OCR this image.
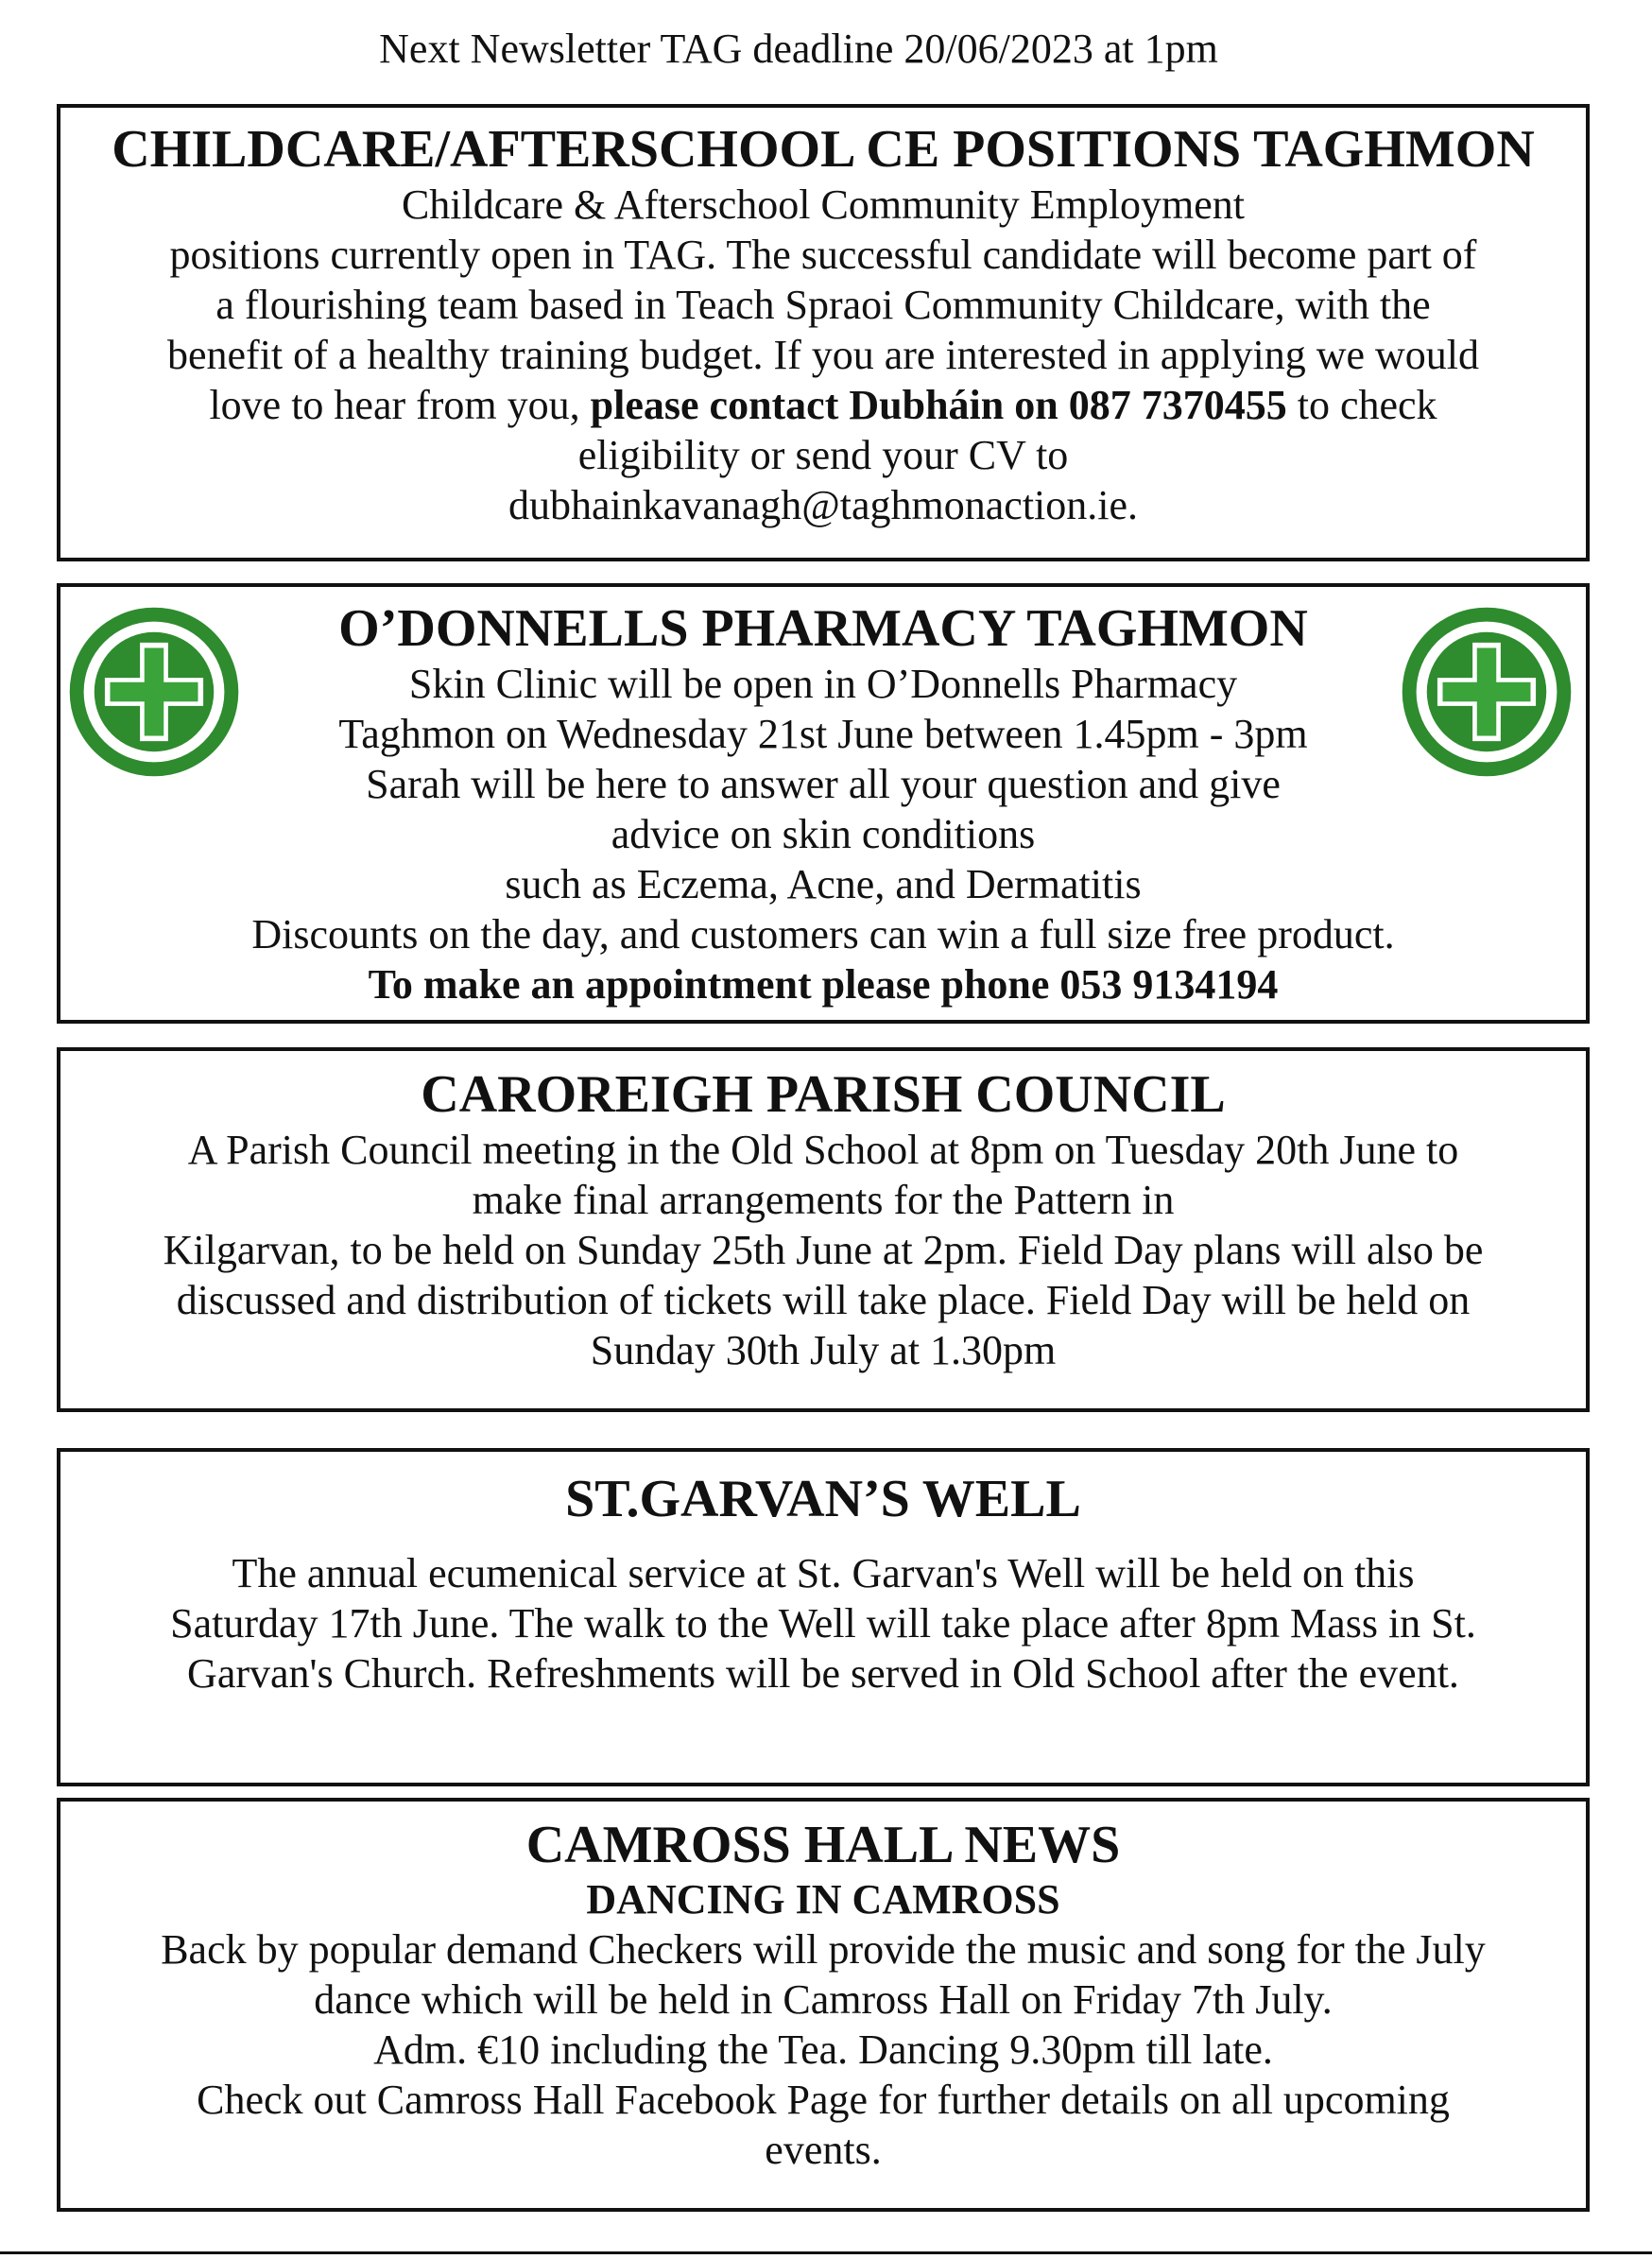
Next Newsletter TAG deadline 20/06/2023 at 1pm

CHILDCARE/AFTERSCHOOL CE POSITIONS TAGHMON

Childcare & Afterschool Community Employment

positions currently open in TAG. The successful candidate will become part of

a flourishing team based in Teach Spraoi Community Childcare, with the

benefit of a healthy training budget. If you are interested in applying we would

love to hear from you, please contact Dubháin on 087 7370455 to check

eligibility or send your CV to

dubhainkavanagh@taghmonaction.ie.

O’DONNELLS PHARMACY TAGHMON

Skin Clinic will be open in O’Donnells Pharmacy

Taghmon on Wednesday 21st June between 1.45pm - 3pm

Sarah will be here to answer all your question and give

advice on skin conditions

such as Eczema, Acne, and Dermatitis

Discounts on the day, and customers can win a full size free product.

To make an appointment please phone 053 9134194

CAROREIGH PARISH COUNCIL

A Parish Council meeting in the Old School at 8pm on Tuesday 20th June to

make final arrangements for the Pattern in

Kilgarvan, to be held on Sunday 25th June at 2pm. Field Day plans will also be

discussed and distribution of tickets will take place. Field Day will be held on

Sunday 30th July at 1.30pm

ST.GARVAN’S WELL

The annual ecumenical service at St. Garvan's Well will be held on this

Saturday 17th June. The walk to the Well will take place after 8pm Mass in St.

Garvan's Church. Refreshments will be served in Old School after the event.

CAMROSS HALL NEWS

DANCING IN CAMROSS

Back by popular demand Checkers will provide the music and song for the July

dance which will be held in Camross Hall on Friday 7th July.

Adm. €10 including the Tea. Dancing 9.30pm till late.

Check out Camross Hall Facebook Page for further details on all upcoming

events.
